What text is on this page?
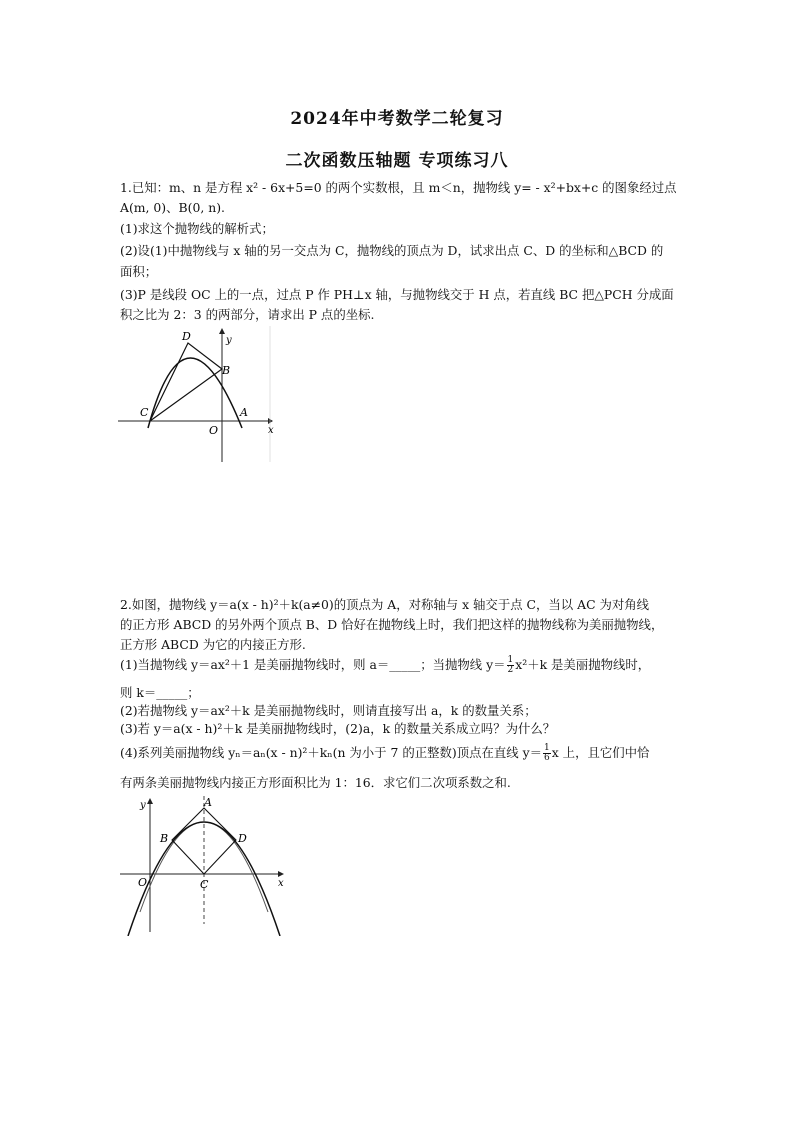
2024年中考数学二轮复习
二次函数压轴题 专项练习八
1.已知：m、n 是方程 x² - 6x+5=0 的两个实数根，且 m＜n，抛物线 y= - x²+bx+c 的图象经过点
A(m, 0)、B(0, n).
(1)求这个抛物线的解析式；
(2)设(1)中抛物线与 x 轴的另一交点为 C，抛物线的顶点为 D，试求出点 C、D 的坐标和△BCD 的
面积；
(3)P 是线段 OC 上的一点，过点 P 作 PH⊥x 轴，与抛物线交于 H 点，若直线 BC 把△PCH 分成面
积之比为 2：3 的两部分，请求出 P 点的坐标.
D
B
C	A
O	x
y
2.如图，抛物线 y＝a(x - h)²＋k(a≠0)的顶点为 A，对称轴与 x 轴交于点 C，当以 AC 为对角线
的正方形 ABCD 的另外两个顶点 B、D 恰好在抛物线上时，我们把这样的抛物线称为美丽抛物线，
正方形 ABCD 为它的内接正方形.
(1)当抛物线 y＝ax²＋1 是美丽抛物线时，则 a＝_____；当抛物线 $y= \frac{1}{2} x^2+k$ 是美丽抛物线时，
则 k＝_____；
(2)若抛物线 y＝ax²＋k 是美丽抛物线时，则请直接写出 a，k 的数量关系；
(3)若 y＝a(x - h)²＋k 是美丽抛物线时，(2)a，k 的数量关系成立吗？为什么？
(4)系列美丽抛物线 yₙ＝aₙ(x - n)²＋kₙ(n 为小于 7 的正整数)顶点在直线 $y= \frac{1}{6}$ x 上，且它们中恰
有两条美丽抛物线内接正方形面积比为 1：16．求它们二次项系数之和.
A
B	D
C
O	x
y
